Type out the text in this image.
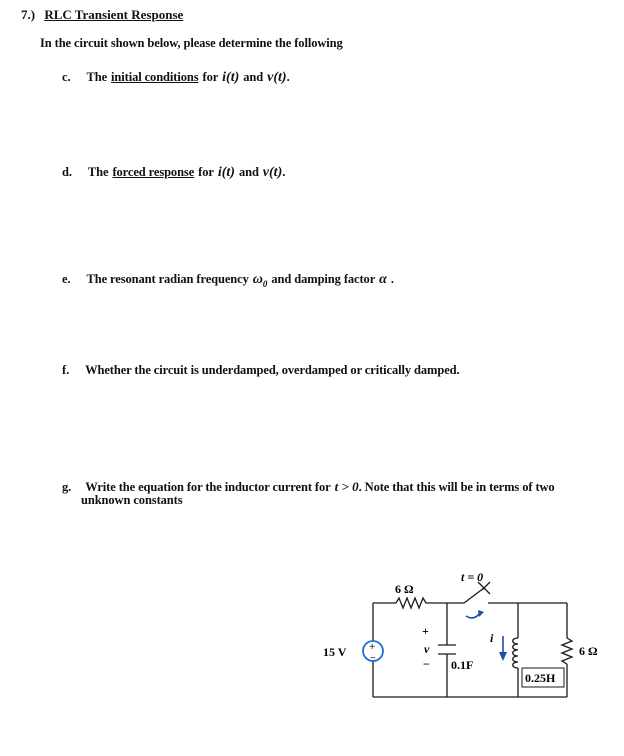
7.) RLC Transient Response
In the circuit shown below, please determine the following
c. The initial conditions for i(t) and v(t).
d. The forced response for i(t) and v(t).
e. The resonant radian frequency $\omega_0$ and damping factor α .
f. Whether the circuit is underdamped, overdamped or critically damped.
g. Write the equation for the inductor current for t > 0. Note that this will be in terms of two
unknown constants
6 Ω
t = 0
+
−
15 V
0.1F
+
v
−
0.25H
i
6 Ω
